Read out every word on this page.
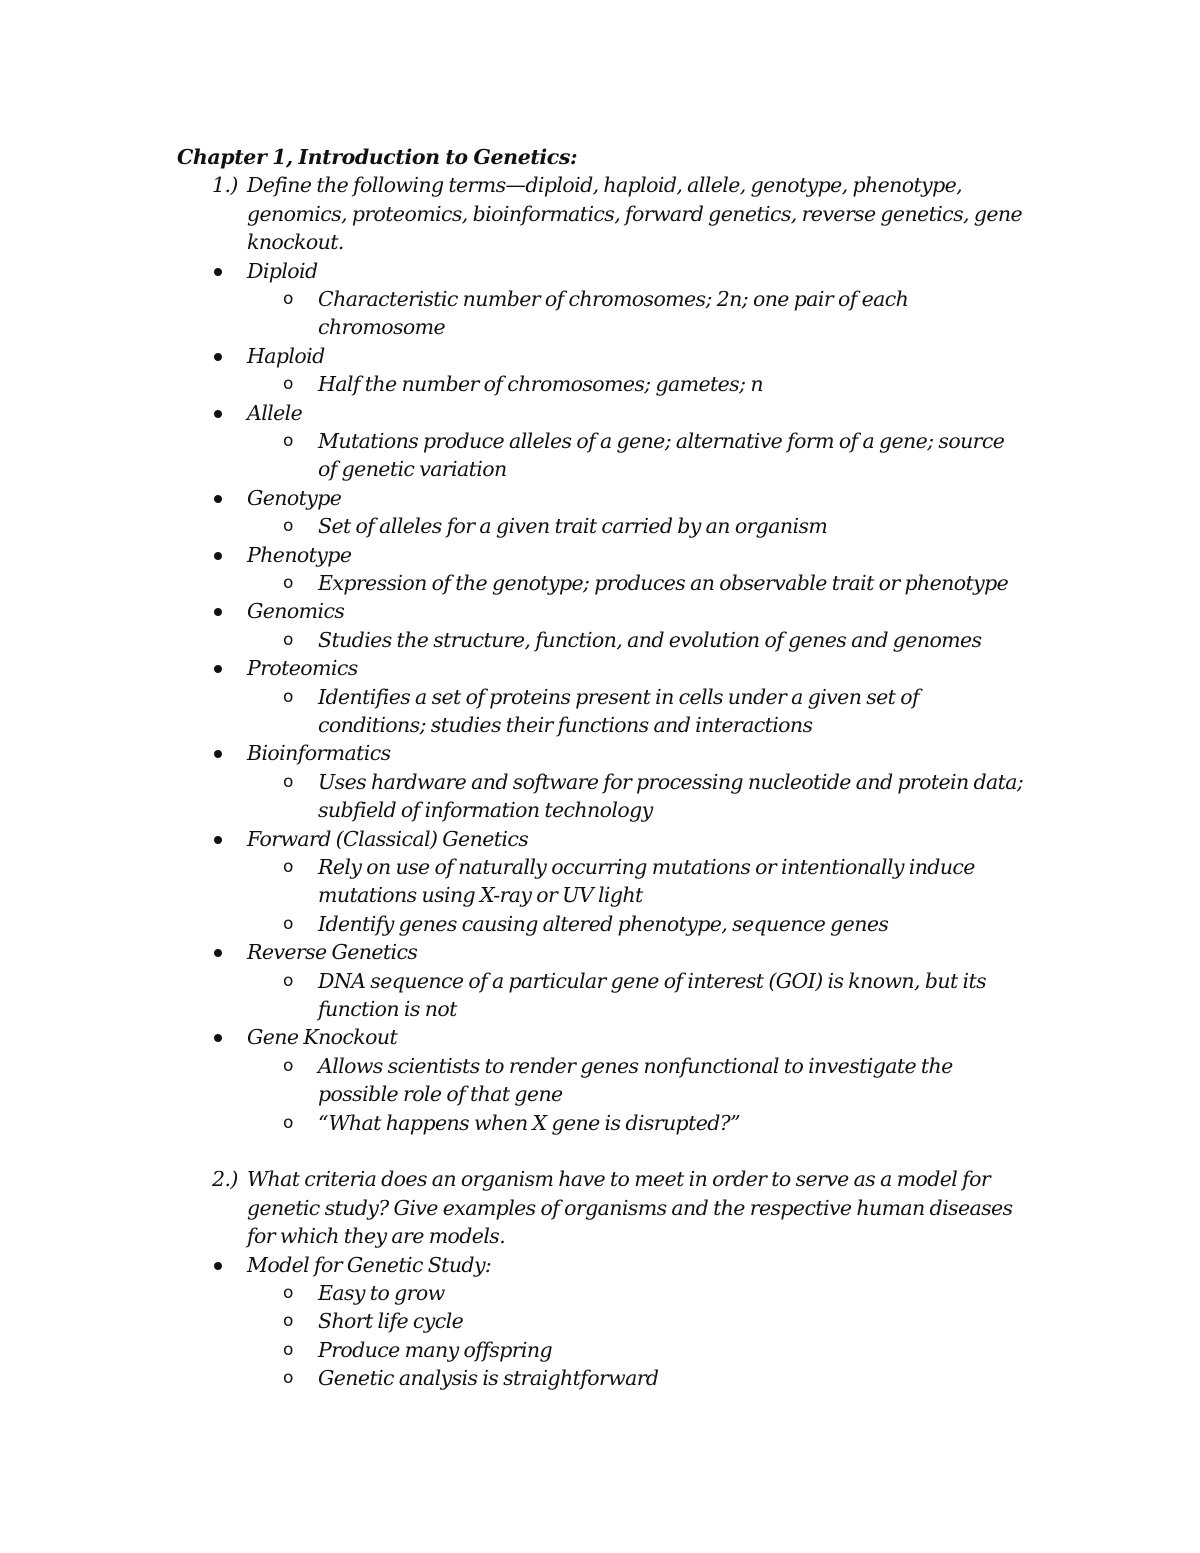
Chapter 1, Introduction to Genetics:
1.) Define the following terms—diploid, haploid, allele, genotype, phenotype,
genomics, proteomics, bioinformatics, forward genetics, reverse genetics, gene
knockout.
Diploid
o Characteristic number of chromosomes; 2n; one pair of each
chromosome
Haploid
o Half the number of chromosomes; gametes; n
Allele
o Mutations produce alleles of a gene; alternative form of a gene; source
of genetic variation
Genotype
o Set of alleles for a given trait carried by an organism
Phenotype
o Expression of the genotype; produces an observable trait or phenotype
Genomics
o Studies the structure, function, and evolution of genes and genomes
Proteomics
o Identifies a set of proteins present in cells under a given set of
conditions; studies their functions and interactions
Bioinformatics
o Uses hardware and software for processing nucleotide and protein data;
subfield of information technology
Forward (Classical) Genetics
o Rely on use of naturally occurring mutations or intentionally induce
mutations using X-ray or UV light
o Identify genes causing altered phenotype, sequence genes
Reverse Genetics
o DNA sequence of a particular gene of interest (GOI) is known, but its
function is not
Gene Knockout
o Allows scientists to render genes nonfunctional to investigate the
possible role of that gene
o “What happens when X gene is disrupted?”
2.) What criteria does an organism have to meet in order to serve as a model for
genetic study? Give examples of organisms and the respective human diseases
for which they are models.
Model for Genetic Study:
o Easy to grow
o Short life cycle
o Produce many offspring
o Genetic analysis is straightforward
